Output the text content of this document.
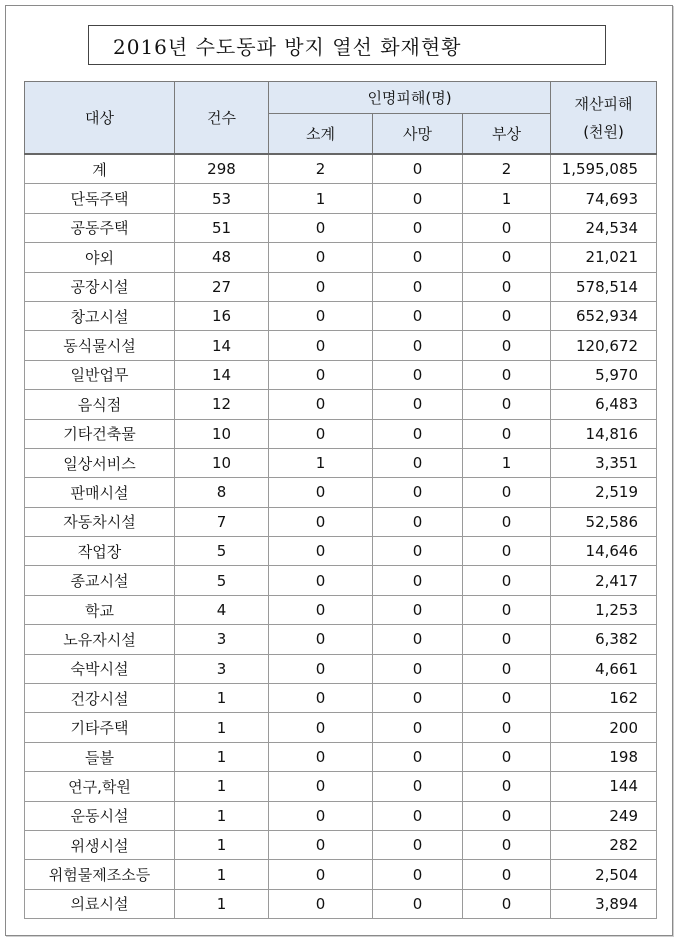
2016년 수도동파 방지 열선 화재현황
대상	건수	인명피해(명)			재산피해
(천원)

		소계	사망	부상	
계	298	2	0	2	1,595,085
단독주택	53	1	0	1	74,693
공동주택	51	0	0	0	24,534
야외	48	0	0	0	21,021
공장시설	27	0	0	0	578,514
창고시설	16	0	0	0	652,934
동식물시설	14	0	0	0	120,672
일반업무	14	0	0	0	5,970
음식점	12	0	0	0	6,483
기타건축물	10	0	0	0	14,816
일상서비스	10	1	0	1	3,351
판매시설	8	0	0	0	2,519
자동차시설	7	0	0	0	52,586
작업장	5	0	0	0	14,646
종교시설	5	0	0	0	2,417
학교	4	0	0	0	1,253
노유자시설	3	0	0	0	6,382
숙박시설	3	0	0	0	4,661
건강시설	1	0	0	0	162
기타주택	1	0	0	0	200
들불	1	0	0	0	198
연구,학원	1	0	0	0	144
운동시설	1	0	0	0	249
위생시설	1	0	0	0	282
위험물제조소등	1	0	0	0	2,504
의료시설	1	0	0	0	3,894
